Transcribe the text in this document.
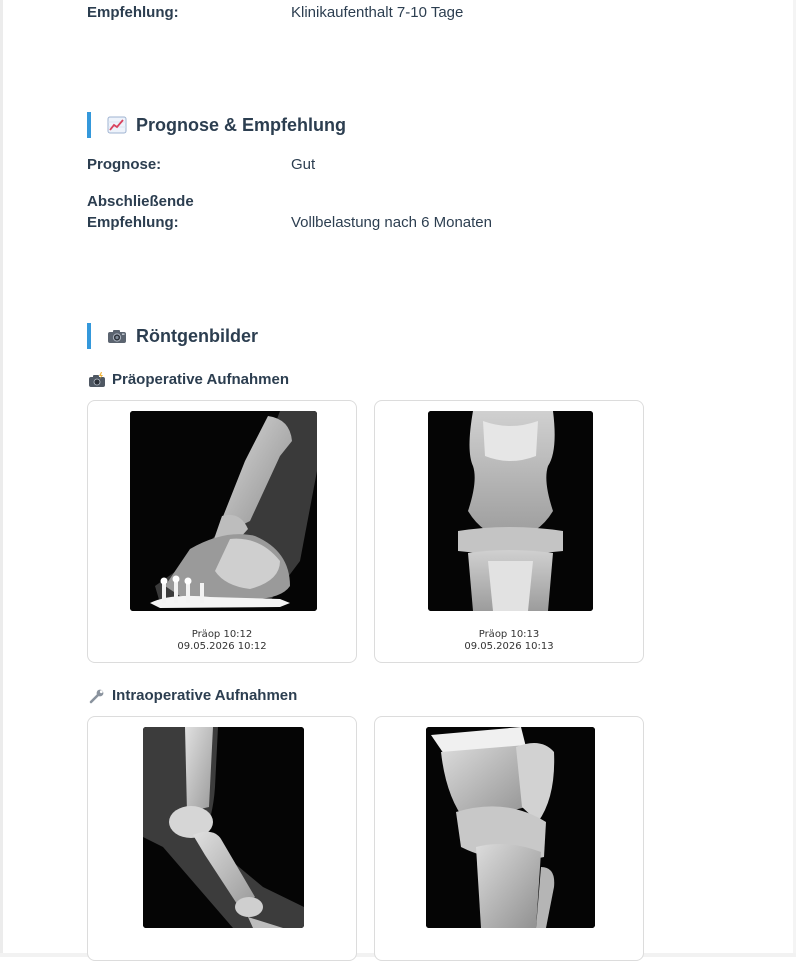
Empfehlung:	Klinikaufenthalt 7-10 Tage
Prognose & Empfehlung
Prognose:	Gut
Abschließende
Empfehlung:	Vollbelastung nach 6 Monaten
Röntgenbilder
Präoperative Aufnahmen
Präop 10:12
09.05.2026 10:12
Präop 10:13
09.05.2026 10:13
Intraoperative Aufnahmen
